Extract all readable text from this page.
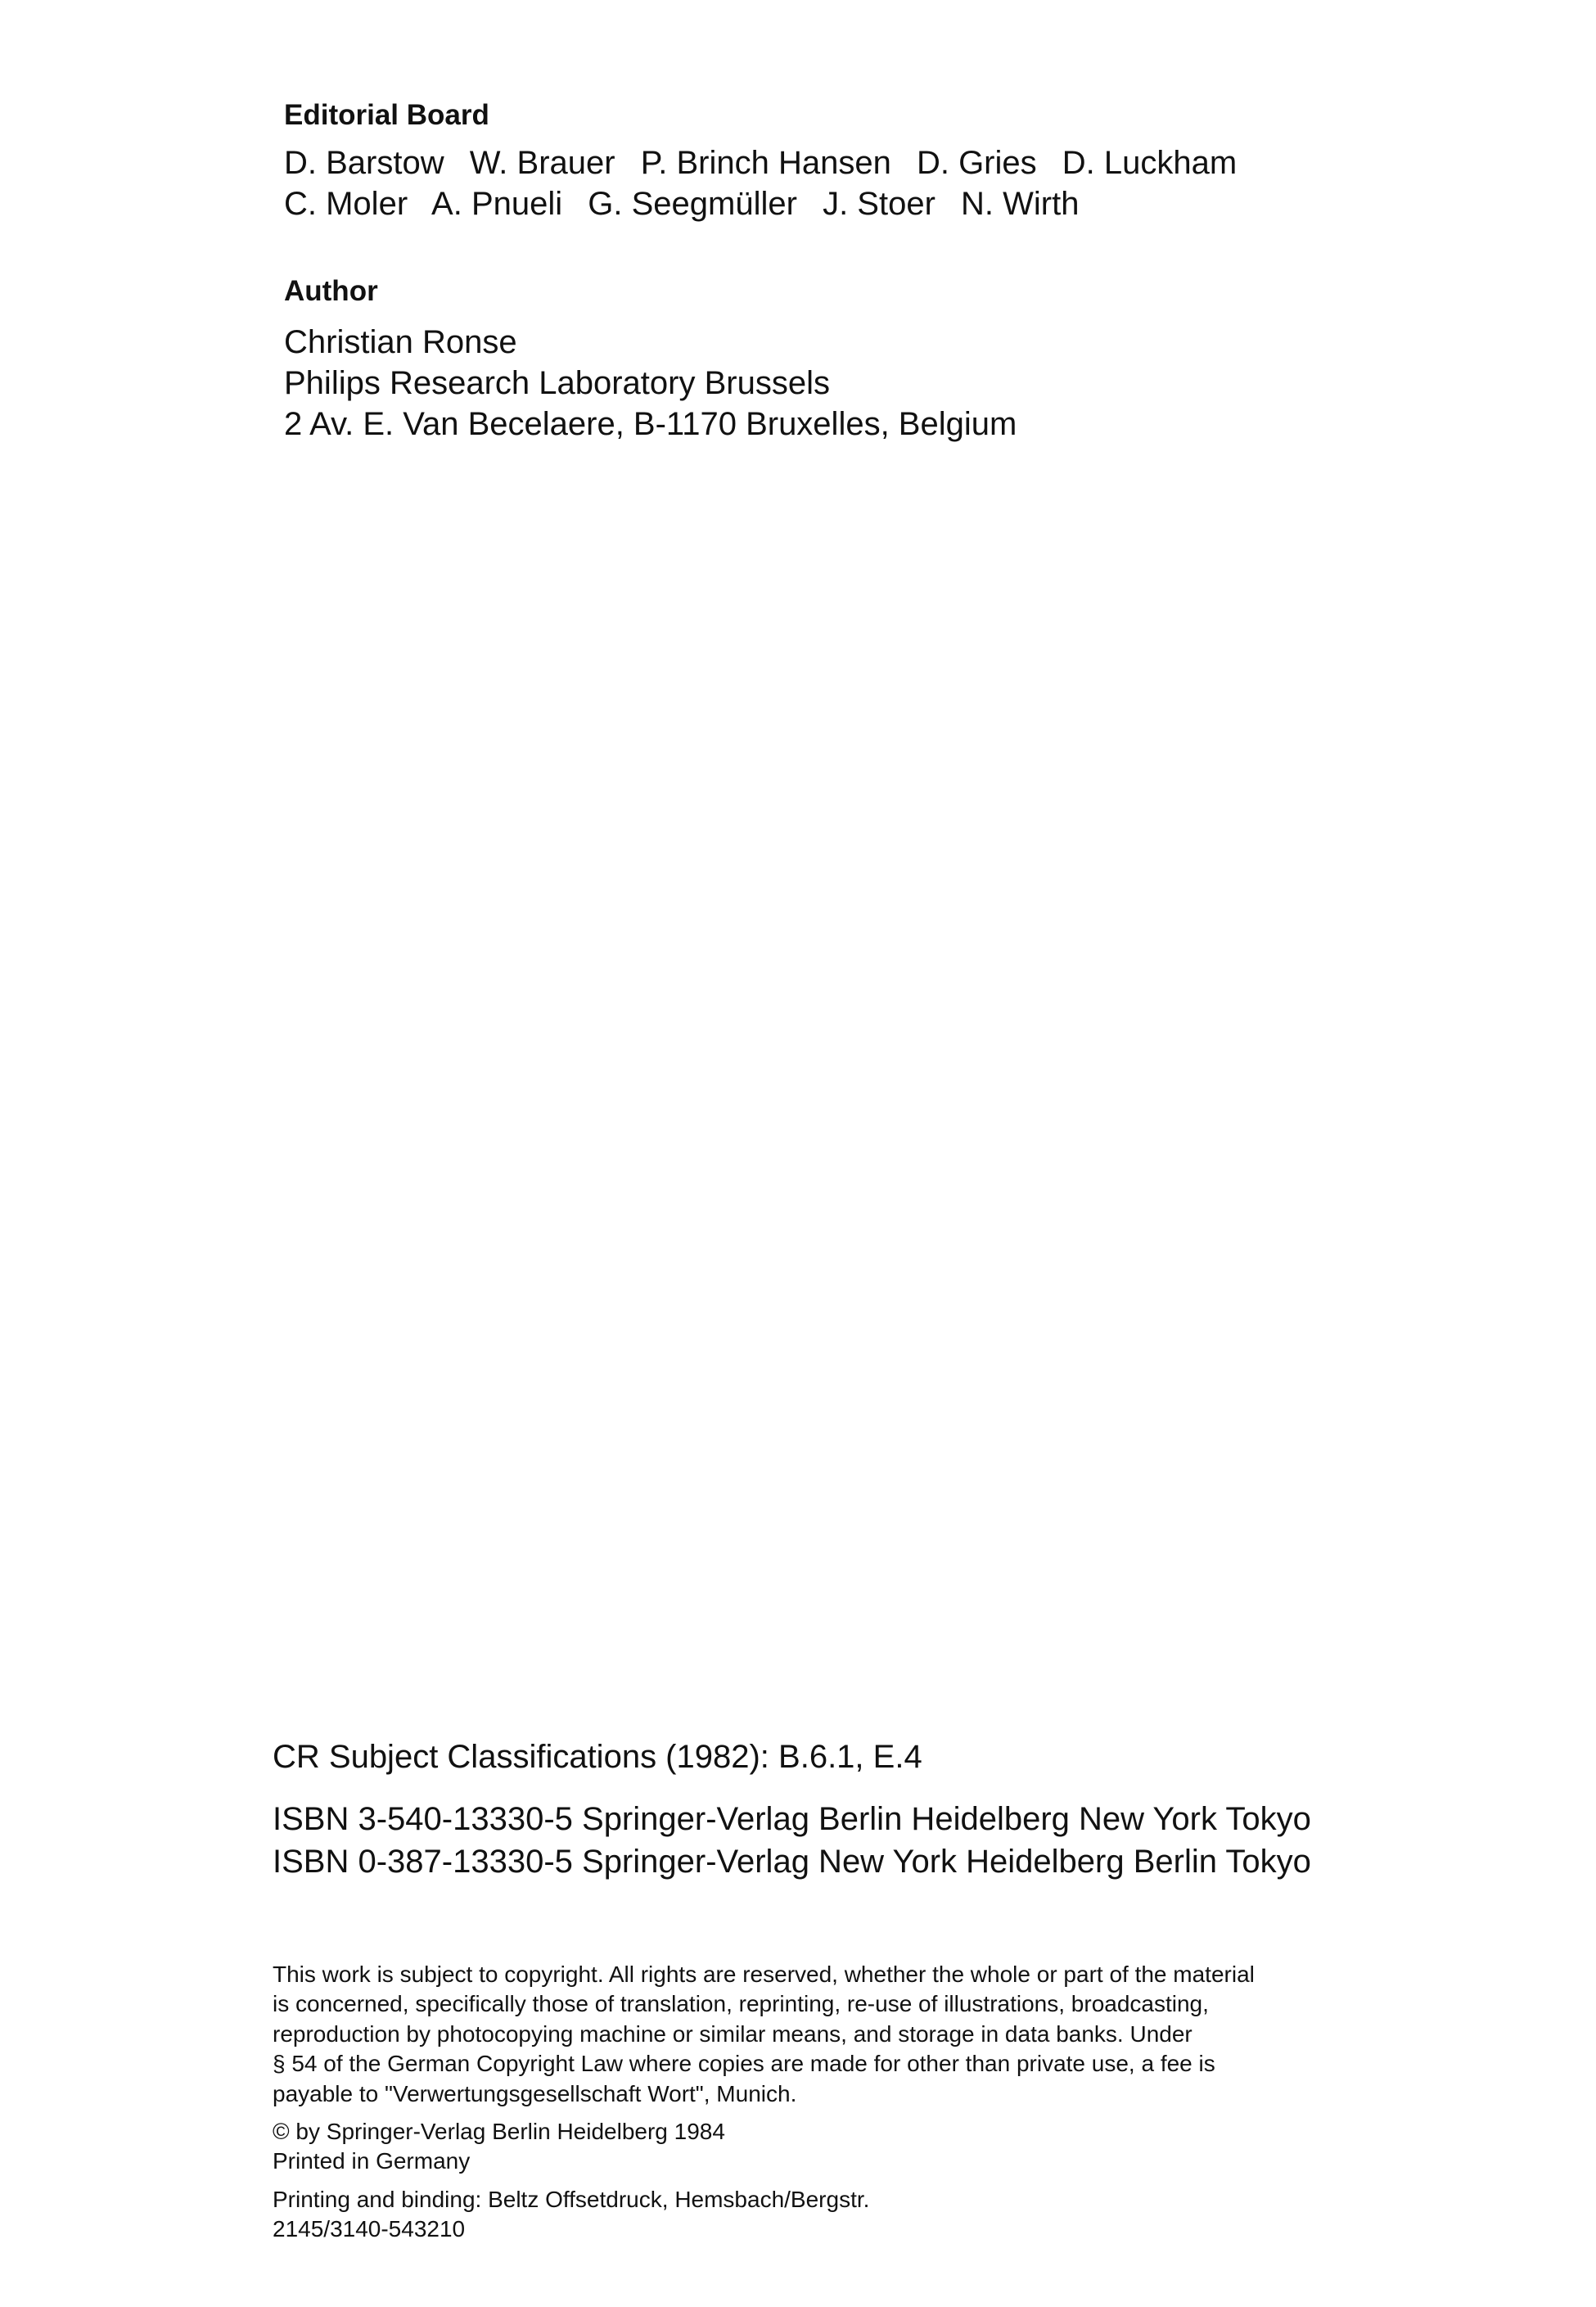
Editorial Board
D. Barstow W. Brauer P. Brinch Hansen D. Gries D. Luckham
C. Moler A. Pnueli G. Seegmüller J. Stoer N. Wirth
Author
Christian Ronse
Philips Research Laboratory Brussels
2 Av. E. Van Becelaere, B-1170 Bruxelles, Belgium
CR Subject Classifications (1982): B.6.1, E.4
ISBN 3-540-13330-5 Springer-Verlag Berlin Heidelberg New York Tokyo
ISBN 0-387-13330-5 Springer-Verlag New York Heidelberg Berlin Tokyo
This work is subject to copyright. All rights are reserved, whether the whole or part of the material
is concerned, specifically those of translation, reprinting, re-use of illustrations, broadcasting,
reproduction by photocopying machine or similar means, and storage in data banks. Under
§ 54 of the German Copyright Law where copies are made for other than private use, a fee is
payable to "Verwertungsgesellschaft Wort", Munich.
© by Springer-Verlag Berlin Heidelberg 1984
Printed in Germany
Printing and binding: Beltz Offsetdruck, Hemsbach/Bergstr.
2145/3140-543210
